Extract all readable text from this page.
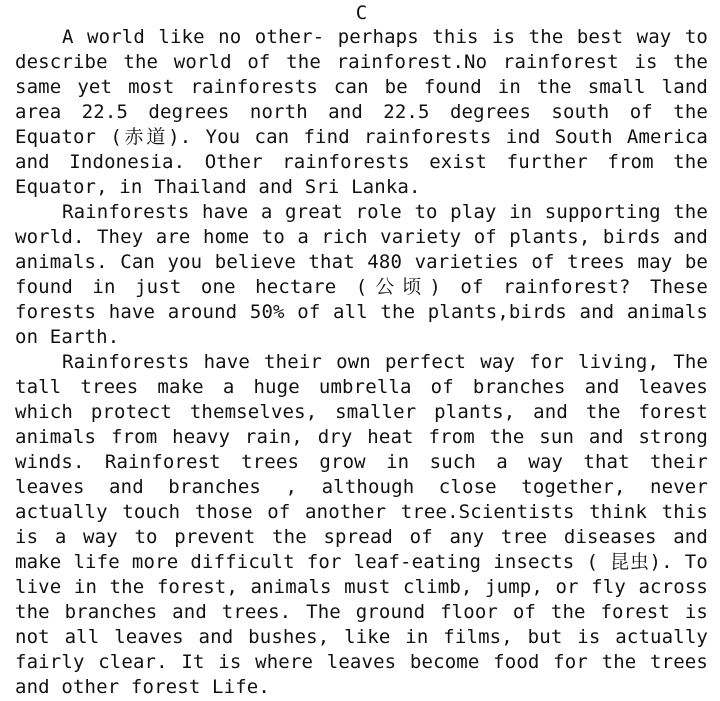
C

A world like no other- perhaps this is the best way to describe the world of the rainforest.No rainforest is the same yet most rainforests can be found in the small land area 22.5 degrees north and 22.5 degrees south of the Equator (赤道). You can find rainforests ind South America and Indonesia. Other rainforests exist further from the Equator, in Thailand and Sri Lanka.

Rainforests have a great role to play in supporting the world. They are home to a rich variety of plants, birds and animals. Can you believe that 480 varieties of trees may be found in just one hectare (公顷) of rainforest? These forests have around 50% of all the plants,birds and animals on Earth.

Rainforests have their own perfect way for living, The tall trees make a huge umbrella of branches and leaves which protect themselves, smaller plants, and the forest animals from heavy rain, dry heat from the sun and strong winds. Rainforest trees grow in such a way that their leaves and branches , although close together, never actually touch those of another tree.Scientists think this is a way to prevent the spread of any tree diseases and make life more difficult for leaf-eating insects ( 昆虫). To live in the forest, animals must climb, jump, or fly across the branches and trees. The ground floor of the forest is not all leaves and bushes, like in films, but is actually fairly clear. It is where leaves become food for the trees and other forest Life.
